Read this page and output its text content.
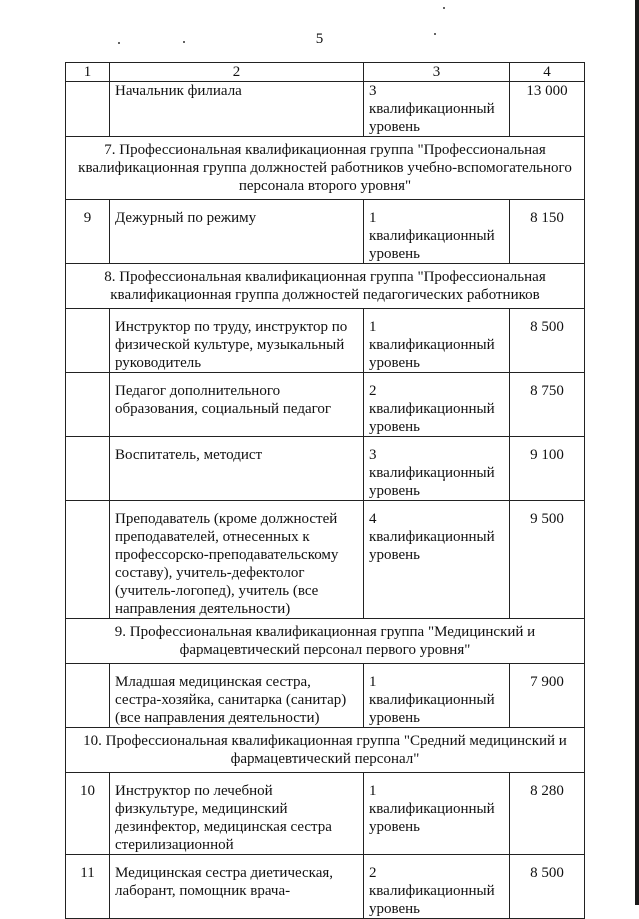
5
1	2	3	4
	Начальник филиала	3 квалификационный уровень	13 000
7. Профессиональная квалификационная группа "Профессиональная квалификационная группа должностей работников учебно-вспомогательного персонала второго уровня"			
9	Дежурный по режиму	1 квалификационный уровень	8 150
8. Профессиональная квалификационная группа "Профессиональная квалификационная группа должностей педагогических работников			
	Инструктор по труду, инструктор по физической культуре, музыкальный руководитель	1 квалификационный уровень	8 500
	Педагог дополнительного образования, социальный педагог	2 квалификационный уровень	8 750
	Воспитатель, методист	3 квалификационный уровень	9 100
	Преподаватель (кроме должностей преподавателей, отнесенных к профессорско-преподавательскому составу), учитель-дефектолог (учитель-логопед), учитель (все направления деятельности)	4 квалификационный уровень	9 500
9. Профессиональная квалификационная группа "Медицинский и фармацевтический персонал первого уровня"			
	Младшая медицинская сестра, сестра-хозяйка, санитарка (санитар) (все направления деятельности)	1 квалификационный уровень	7 900
10. Профессиональная квалификационная группа "Средний медицинский и фармацевтический персонал"			
10	Инструктор по лечебной физкультуре, медицинский дезинфектор, медицинская сестра стерилизационной	1 квалификационный уровень	8 280
11	Медицинская сестра диетическая, лаборант, помощник врача-	2 квалификационный уровень	8 500
